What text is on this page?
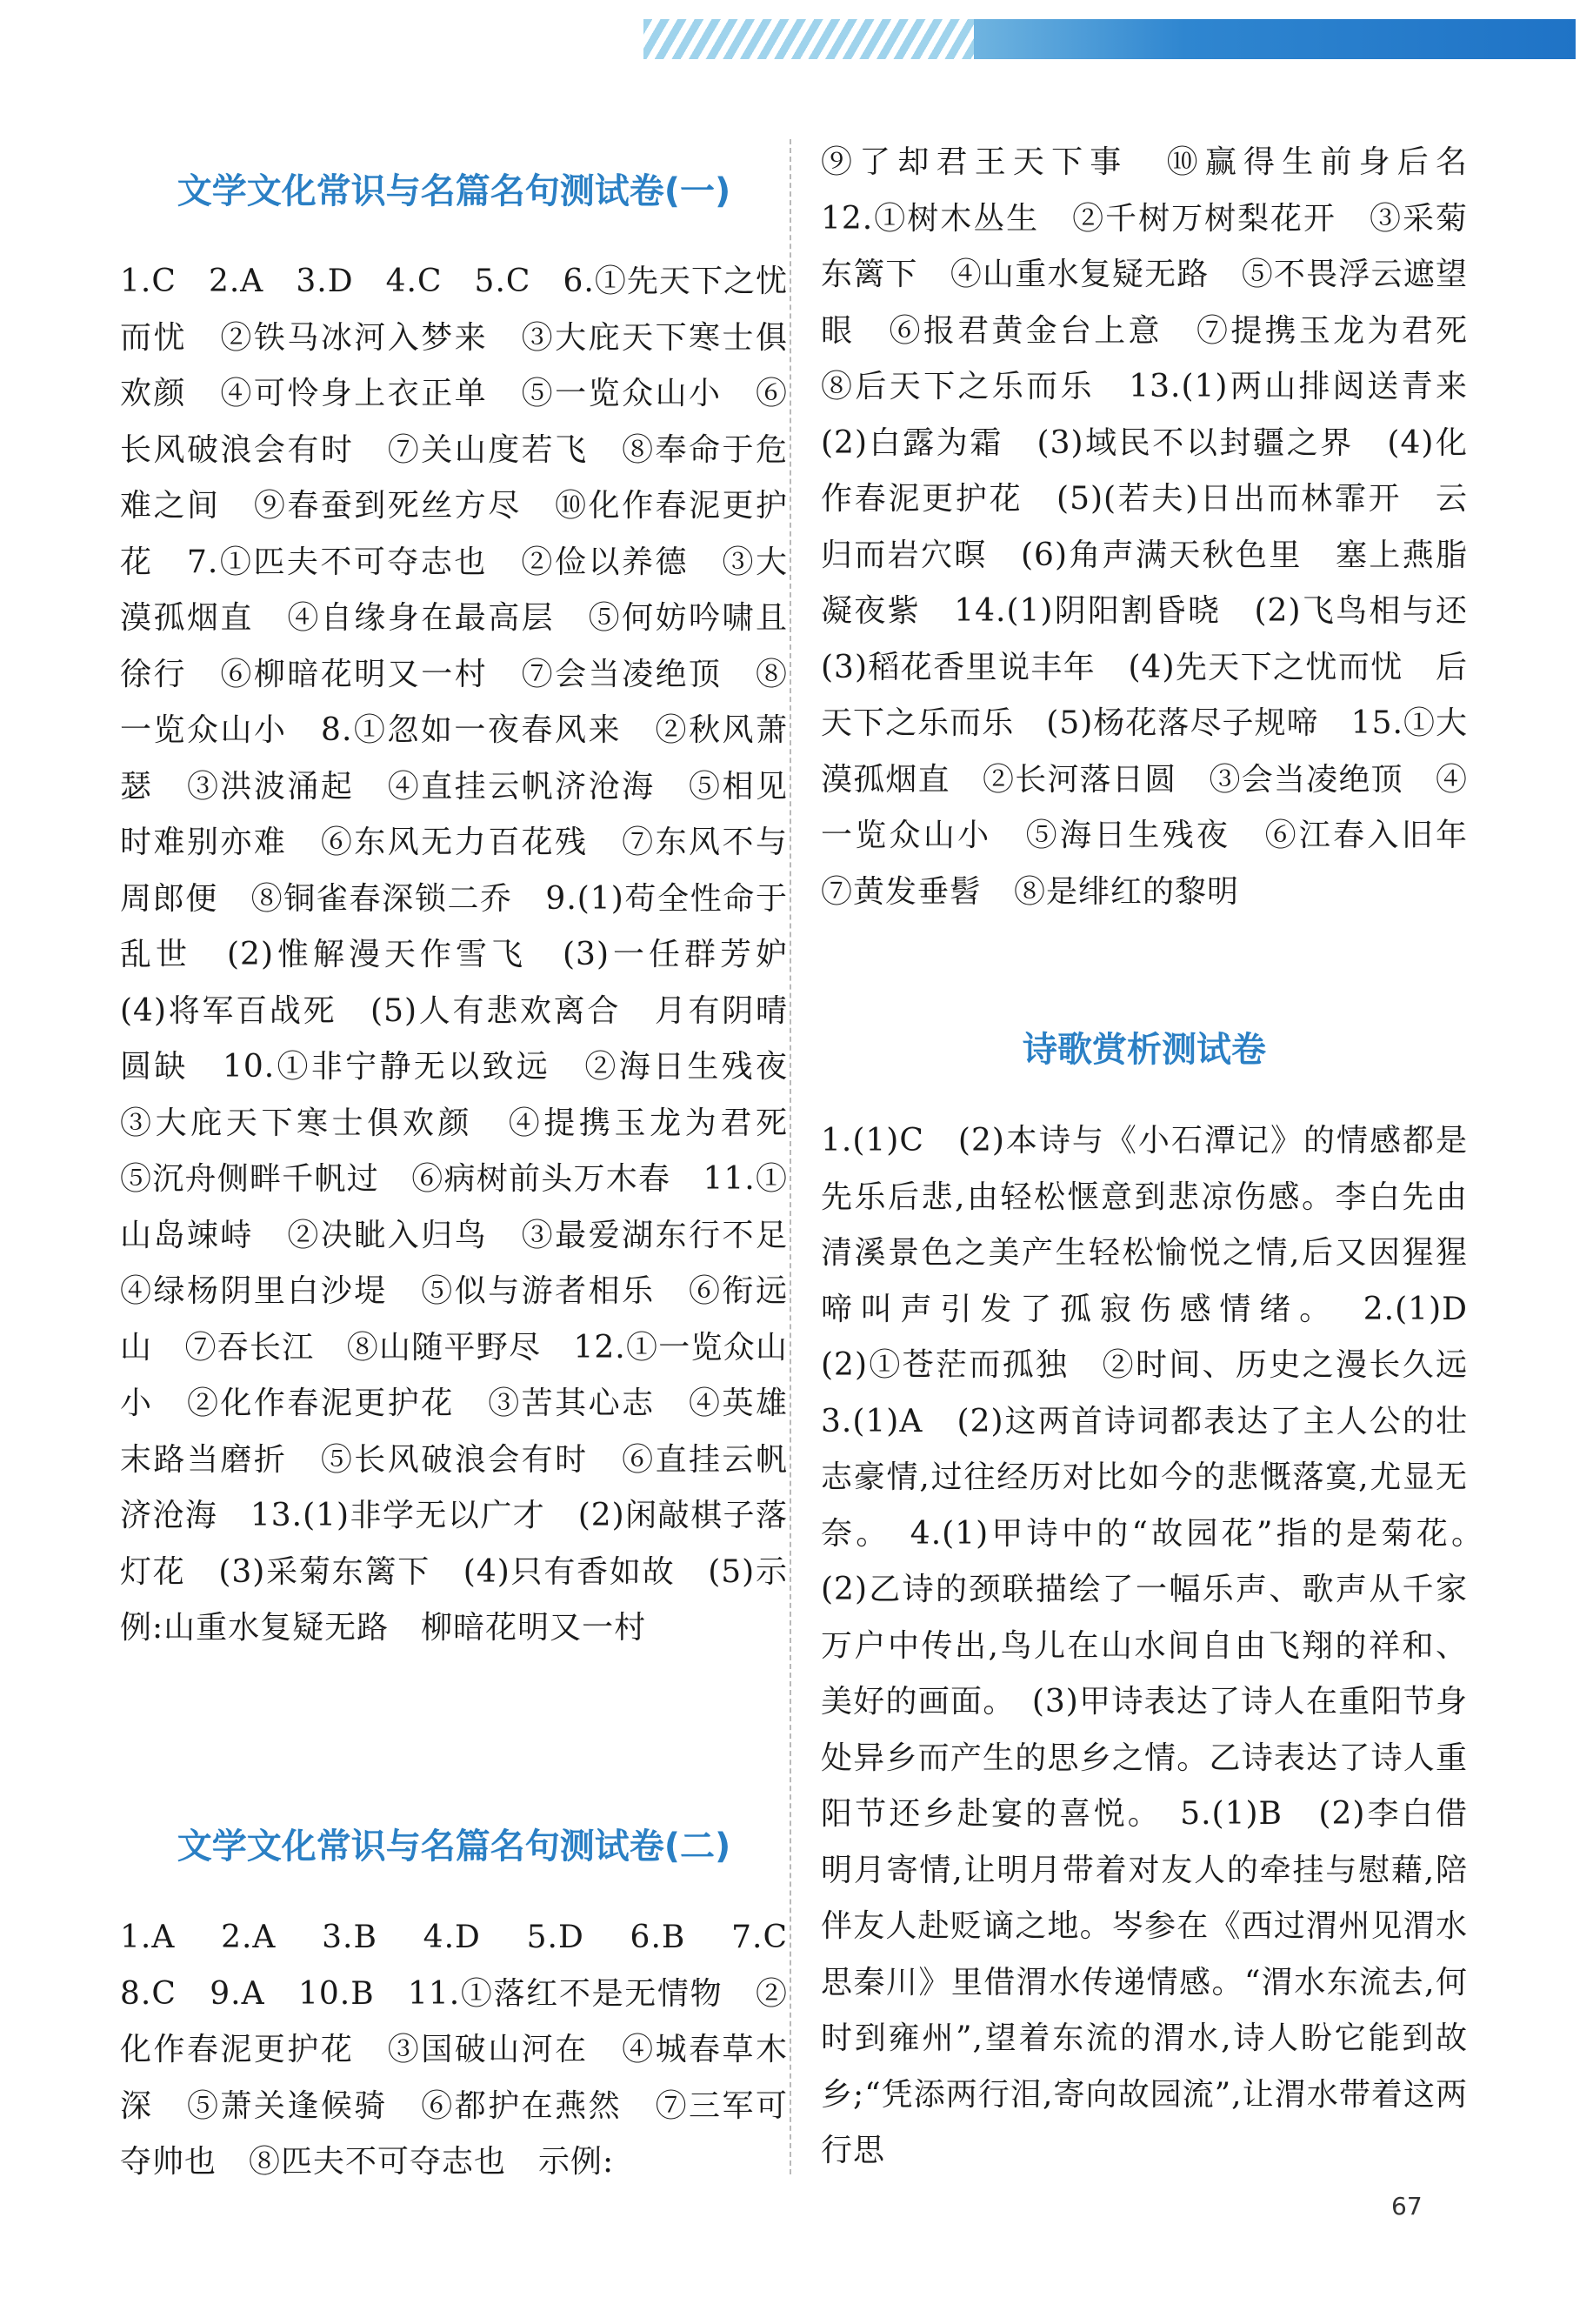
文学文化常识与名篇名句测试卷(一)
1.C　2.A　3.D　4.C　5.C　6.①先天下之忧而忧　②铁马冰河入梦来　③大庇天下寒士俱欢颜　④可怜身上衣正单　⑤一览众山小　⑥长风破浪会有时　⑦关山度若飞　⑧奉命于危难之间　⑨春蚕到死丝方尽　⑩化作春泥更护花　7.①匹夫不可夺志也　②俭以养德　③大漠孤烟直　④自缘身在最高层　⑤何妨吟啸且徐行　⑥柳暗花明又一村　⑦会当凌绝顶　⑧一览众山小　8.①忽如一夜春风来　②秋风萧瑟　③洪波涌起　④直挂云帆济沧海　⑤相见时难别亦难　⑥东风无力百花残　⑦东风不与周郎便　⑧铜雀春深锁二乔　9.(1)苟全性命于乱世　(2)惟解漫天作雪飞　(3)一任群芳妒　(4)将军百战死　(5)人有悲欢离合　月有阴晴圆缺　10.①非宁静无以致远　②海日生残夜　③大庇天下寒士俱欢颜　④提携玉龙为君死　⑤沉舟侧畔千帆过　⑥病树前头万木春　11.①山岛竦峙　②决眦入归鸟　③最爱湖东行不足　④绿杨阴里白沙堤　⑤似与游者相乐　⑥衔远山　⑦吞长江　⑧山随平野尽　12.①一览众山小　②化作春泥更护花　③苦其心志　④英雄末路当磨折　⑤长风破浪会有时　⑥直挂云帆济沧海　13.(1)非学无以广才　(2)闲敲棋子落灯花　(3)采菊东篱下　(4)只有香如故　(5)示例:山重水复疑无路　柳暗花明又一村
文学文化常识与名篇名句测试卷(二)
1.A　2.A　3.B　4.D　5.D　6.B　7.C　8.C　9.A　10.B　11.①落红不是无情物　②化作春泥更护花　③国破山河在　④城春草木深　⑤萧关逢候骑　⑥都护在燕然　⑦三军可夺帅也　⑧匹夫不可夺志也　示例:
⑨了却君王天下事　⑩赢得生前身后名　12.①树木丛生　②千树万树梨花开　③采菊东篱下　④山重水复疑无路　⑤不畏浮云遮望眼　⑥报君黄金台上意　⑦提携玉龙为君死　⑧后天下之乐而乐　13.(1)两山排闼送青来　(2)白露为霜　(3)域民不以封疆之界　(4)化作春泥更护花　(5)(若夫)日出而林霏开　云归而岩穴暝　(6)角声满天秋色里　塞上燕脂凝夜紫　14.(1)阴阳割昏晓　(2)飞鸟相与还　(3)稻花香里说丰年　(4)先天下之忧而忧　后天下之乐而乐　(5)杨花落尽子规啼　15.①大漠孤烟直　②长河落日圆　③会当凌绝顶　④一览众山小　⑤海日生残夜　⑥江春入旧年　⑦黄发垂髫　⑧是绯红的黎明
诗歌赏析测试卷
1.(1)C　(2)本诗与《小石潭记》的情感都是先乐后悲,由轻松惬意到悲凉伤感。李白先由清溪景色之美产生轻松愉悦之情,后又因猩猩啼叫声引发了孤寂伤感情绪。　2.(1)D　(2)①苍茫而孤独　②时间、历史之漫长久远　3.(1)A　(2)这两首诗词都表达了主人公的壮志豪情,过往经历对比如今的悲慨落寞,尤显无奈。　4.(1)甲诗中的“故园花”指的是菊花。　(2)乙诗的颈联描绘了一幅乐声、歌声从千家万户中传出,鸟儿在山水间自由飞翔的祥和、美好的画面。　(3)甲诗表达了诗人在重阳节身处异乡而产生的思乡之情。乙诗表达了诗人重阳节还乡赴宴的喜悦。　5.(1)B　(2)李白借明月寄情,让明月带着对友人的牵挂与慰藉,陪伴友人赴贬谪之地。岑参在《西过渭州见渭水思秦川》里借渭水传递情感。“渭水东流去,何时到雍州”,望着东流的渭水,诗人盼它能到故乡;“凭添两行泪,寄向故园流”,让渭水带着这两行思
67
